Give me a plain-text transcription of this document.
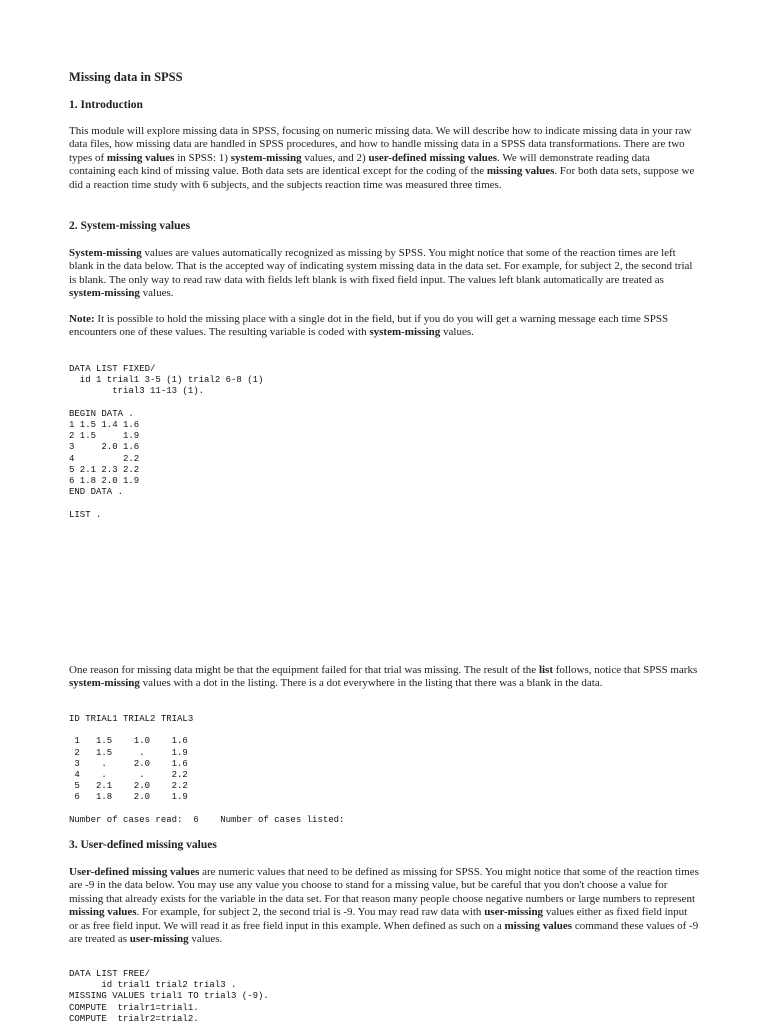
Missing data in SPSS
1. Introduction
This module will explore missing data in SPSS, focusing on numeric missing data. We will describe how to indicate missing data in your raw data files, how missing data are handled in SPSS procedures, and how to handle missing data in a SPSS data transformations. There are two types of missing values in SPSS: 1) system-missing values, and 2) user-defined missing values. We will demonstrate reading data containing each kind of missing value. Both data sets are identical except for the coding of the missing values. For both data sets, suppose we did a reaction time study with 6 subjects, and the subjects reaction time was measured three times.
2. System-missing values
System-missing values are values automatically recognized as missing by SPSS. You might notice that some of the reaction times are left blank in the data below. That is the accepted way of indicating system missing data in the data set. For example, for subject 2, the second trial is blank. The only way to read raw data with fields left blank is with fixed field input. The values left blank automatically are treated as system-missing values.
Note: It is possible to hold the missing place with a single dot in the field, but if you do you will get a warning message each time SPSS encounters one of these values. The resulting variable is coded with system-missing values.
DATA LIST FIXED/
id 1 trial1 3-5 (1) trial2 6-8 (1)
trial3 11-13 (1).

BEGIN DATA .
1 1.5 1.4 1.6
2 1.5     1.9
3     2.0 1.6
4         2.2
5 2.1 2.3 2.2
6 1.8 2.0 1.9
END DATA .

LIST .
One reason for missing data might be that the equipment failed for that trial was missing. The result of the list follows, notice that SPSS marks system-missing values with a dot in the listing. There is a dot everywhere in the listing that there was a blank in the data.
ID TRIAL1 TRIAL2 TRIAL3

1   1.5    1.0    1.6
2   1.5     .     1.9
3    .     2.0    1.6
4    .      .     2.2
5   2.1    2.0    2.2
6   1.8    2.0    1.9

Number of cases read:  6    Number of cases listed:
3. User-defined missing values
User-defined missing values are numeric values that need to be defined as missing for SPSS. You might notice that some of the reaction times are -9 in the data below. You may use any value you choose to stand for a missing value, but be careful that you don't choose a value for missing that already exists for the variable in the data set. For that reason many people choose negative numbers or large numbers to represent missing values. For example, for subject 2, the second trial is -9. You may read raw data with user-missing values either as fixed field input or as free field input. We will read it as free field input in this example. When defined as such on a missing values command these values of -9 are treated as user-missing values.
DATA LIST FREE/
id trial1 trial2 trial3 .
MISSING VALUES trial1 TO trial3 (-9).
COMPUTE  trialr1=trial1.
COMPUTE  trialr2=trial2.
